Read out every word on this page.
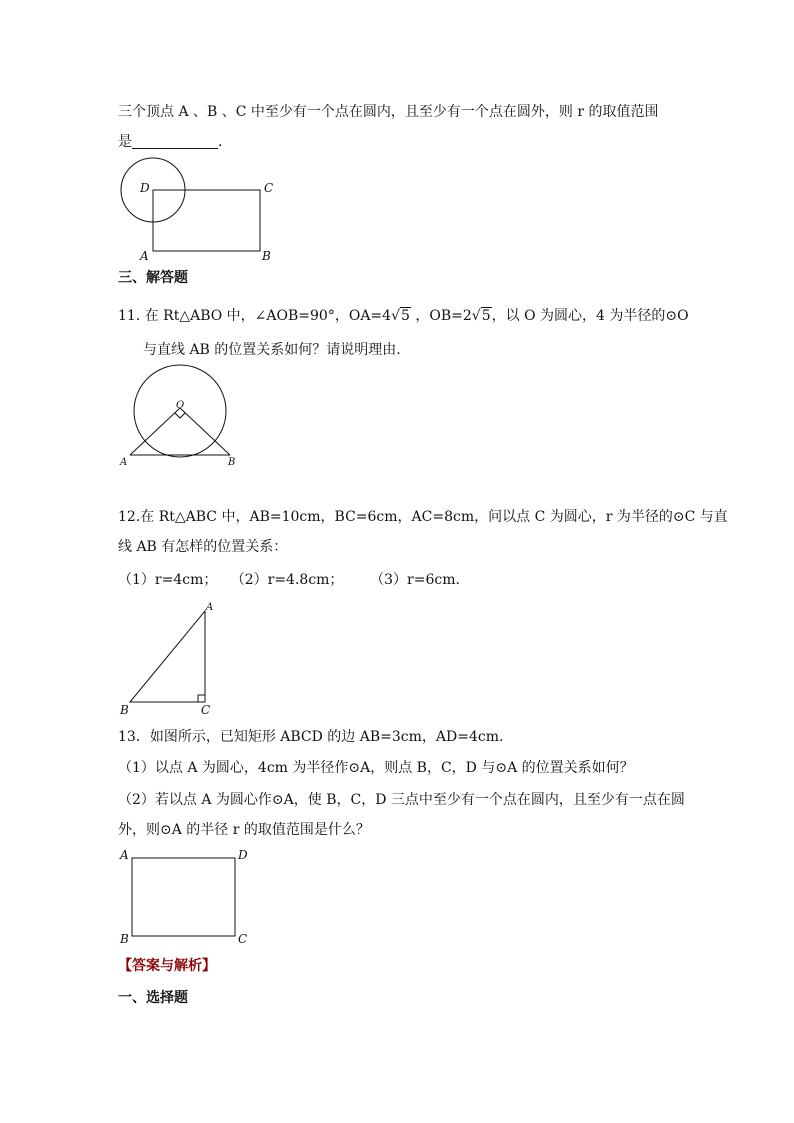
三个顶点 A 、B 、C 中至少有一个点在圆内，且至少有一个点在圆外，则 r 的取值范围
是	．
D	C
A	B
三、解答题
11. 在 Rt△ABO 中，∠AOB=90°，OA=4√5 ，OB=2√5，以 O 为圆心，4 为半径的⊙O
与直线 AB 的位置关系如何？请说明理由.
O
A	B
12.在 Rt△ABC 中，AB=10cm，BC=6cm，AC=8cm，问以点 C 为圆心，r 为半径的⊙C 与直
线 AB 有怎样的位置关系：
（1）r=4cm； （2）r=4.8cm； （3）r=6cm.
A
B	C
13．如图所示，已知矩形 ABCD 的边 AB=3cm，AD=4cm.
（1）以点 A 为圆心，4cm 为半径作⊙A，则点 B，C，D 与⊙A 的位置关系如何？
（2）若以点 A 为圆心作⊙A，使 B，C，D 三点中至少有一个点在圆内，且至少有一点在圆
外，则⊙A 的半径 r 的取值范围是什么？
A	D
B	C
【答案与解析】
一、选择题
